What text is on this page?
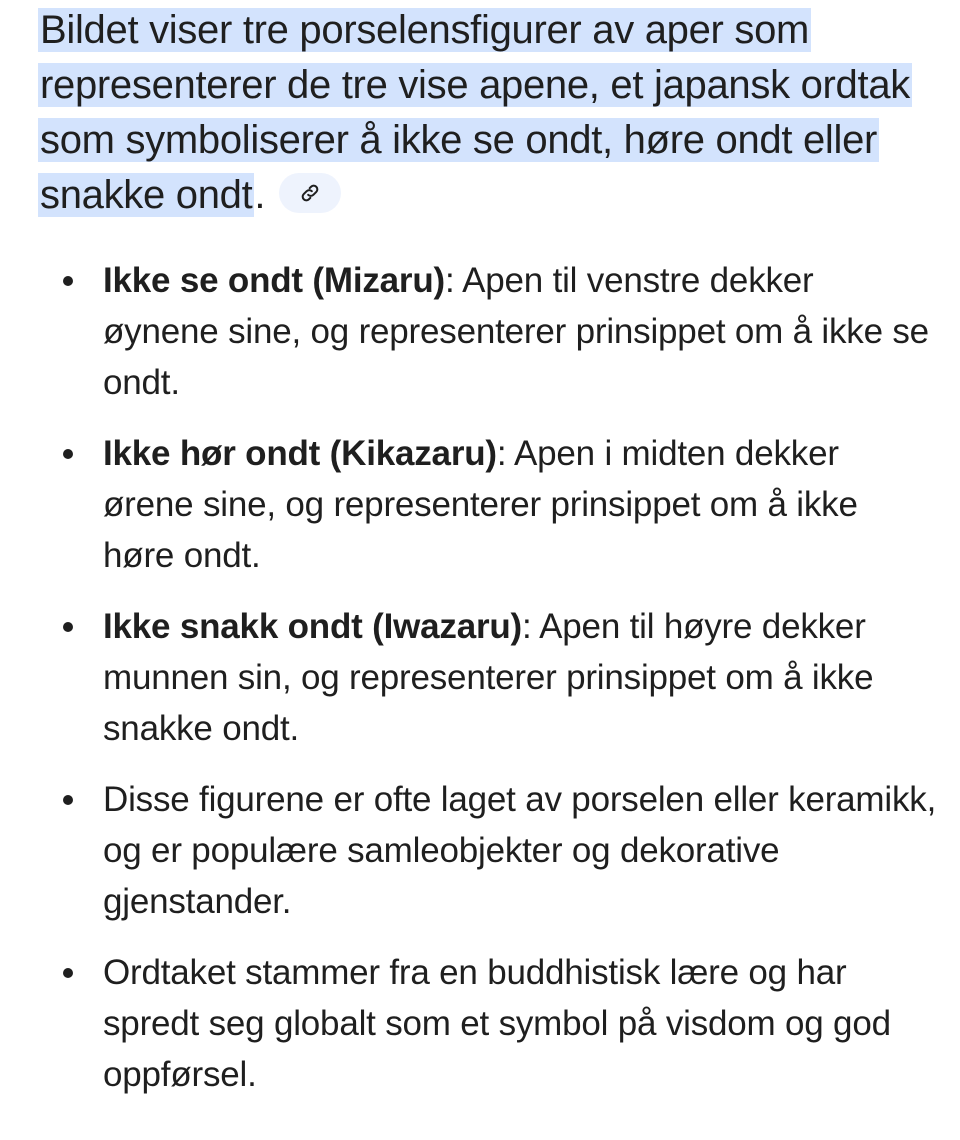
Bildet viser tre porselensfigurer av aper som representerer de tre vise apene, et japansk ordtak som symboliserer å ikke se ondt, høre ondt eller snakke ondt.

Ikke se ondt (Mizaru): Apen til venstre dekker øynene sine, og representerer prinsippet om å ikke se ondt.
Ikke hør ondt (Kikazaru): Apen i midten dekker ørene sine, og representerer prinsippet om å ikke høre ondt.
Ikke snakk ondt (Iwazaru): Apen til høyre dekker munnen sin, og representerer prinsippet om å ikke snakke ondt.
Disse figurene er ofte laget av porselen eller keramikk, og er populære samleobjekter og dekorative gjenstander.
Ordtaket stammer fra en buddhistisk lære og har spredt seg globalt som et symbol på visdom og god oppførsel.
